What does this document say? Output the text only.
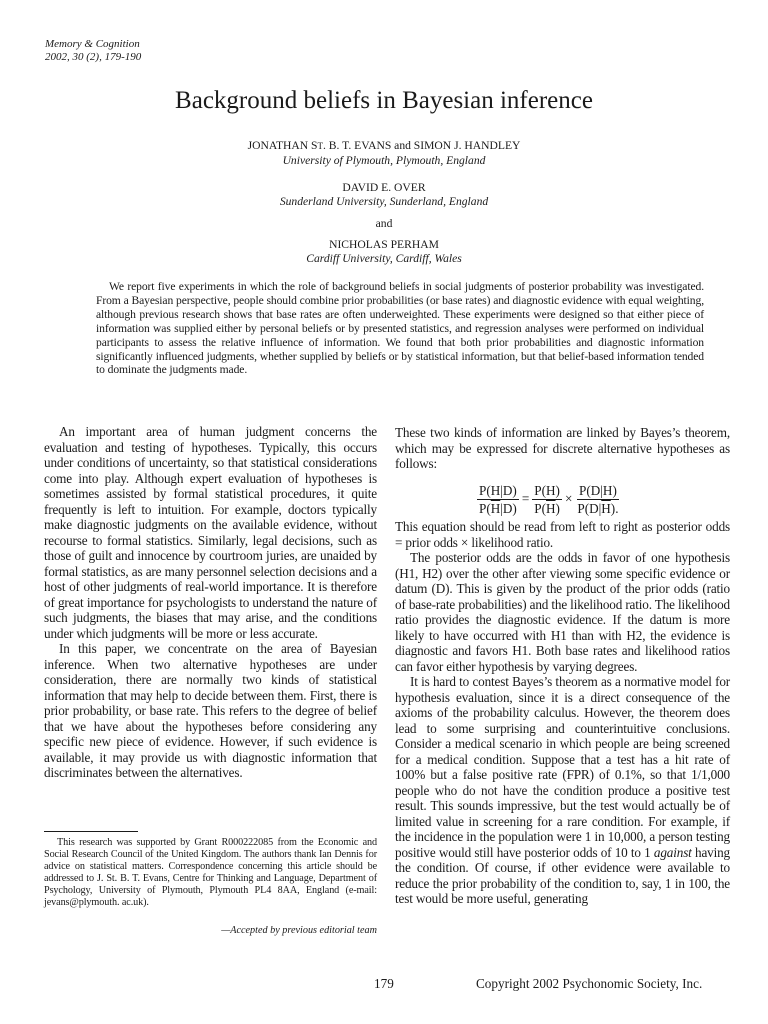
Memory & Cognition
2002, 30 (2), 179-190
Background beliefs in Bayesian inference
JONATHAN ST. B. T. EVANS and SIMON J. HANDLEY
University of Plymouth, Plymouth, England
DAVID E. OVER
Sunderland University, Sunderland, England
and
NICHOLAS PERHAM
Cardiff University, Cardiff, Wales
We report five experiments in which the role of background beliefs in social judgments of posterior probability was investigated. From a Bayesian perspective, people should combine prior probabilities (or base rates) and diagnostic evidence with equal weighting, although previous research shows that base rates are often underweighted. These experiments were designed so that either piece of information was supplied either by personal beliefs or by presented statistics, and regression analyses were performed on individual participants to assess the relative influence of information. We found that both prior probabilities and diagnostic information significantly influenced judgments, whether supplied by beliefs or by statistical information, but that belief-based information tended to dominate the judgments made.

An important area of human judgment concerns the evaluation and testing of hypotheses. Typically, this occurs under conditions of uncertainty, so that statistical considerations come into play. Although expert evaluation of hypotheses is sometimes assisted by formal statistical procedures, it quite frequently is left to intuition. For example, doctors typically make diagnostic judgments on the available evidence, without recourse to formal statistics. Similarly, legal decisions, such as those of guilt and innocence by courtroom juries, are unaided by formal statistics, as are many personnel selection decisions and a host of other judgments of real-world importance. It is therefore of great importance for psychologists to understand the nature of such judgments, the biases that may arise, and the conditions under which judgments will be more or less accurate.

In this paper, we concentrate on the area of Bayesian inference. When two alternative hypotheses are under consideration, there are normally two kinds of statistical information that may help to decide between them. First, there is prior probability, or base rate. This refers to the degree of belief that we have about the hypotheses before considering any specific new piece of evidence. However, if such evidence is available, it may provide us with diagnostic information that discriminates between the alternatives.

These two kinds of information are linked by Bayes’s theorem, which may be expressed for discrete alternative hypotheses as follows:

$\frac{P(H|D)}{P(\overline{H}|D)} = \frac{P(H)}{P(\overline{H})} \times \frac{P(D|H)}{P(D|\overline{H}).}$

This equation should be read from left to right as posterior odds = prior odds × likelihood ratio.

The posterior odds are the odds in favor of one hypothesis (H1, H2) over the other after viewing some specific evidence or datum (D). This is given by the product of the prior odds (ratio of base-rate probabilities) and the likelihood ratio. The likelihood ratio provides the diagnostic evidence. If the datum is more likely to have occurred with H1 than with H2, the evidence is diagnostic and favors H1. Both base rates and likelihood ratios can favor either hypothesis by varying degrees.

It is hard to contest Bayes’s theorem as a normative model for hypothesis evaluation, since it is a direct consequence of the axioms of the probability calculus. However, the theorem does lead to some surprising and counterintuitive conclusions. Consider a medical scenario in which people are being screened for a medical condition. Suppose that a test has a hit rate of 100% but a false positive rate (FPR) of 0.1%, so that 1/1,000 people who do not have the condition produce a positive test result. This sounds impressive, but the test would actually be of limited value in screening for a rare condition. For example, if the incidence in the population were 1 in 10,000, a person testing positive would still have posterior odds of 10 to 1 against having the condition. Of course, if other evidence were available to reduce the prior probability of the condition to, say, 1 in 100, the test would be more useful, generating

This research was supported by Grant R000222085 from the Economic and Social Research Council of the United Kingdom. The authors thank Ian Dennis for advice on statistical matters. Correspondence concerning this article should be addressed to J. St. B. T. Evans, Centre for Thinking and Language, Department of Psychology, University of Plymouth, Plymouth PL4 8AA, England (e-mail: jevans@plymouth. ac.uk).
—Accepted by previous editorial team
179	Copyright 2002 Psychonomic Society, Inc.
